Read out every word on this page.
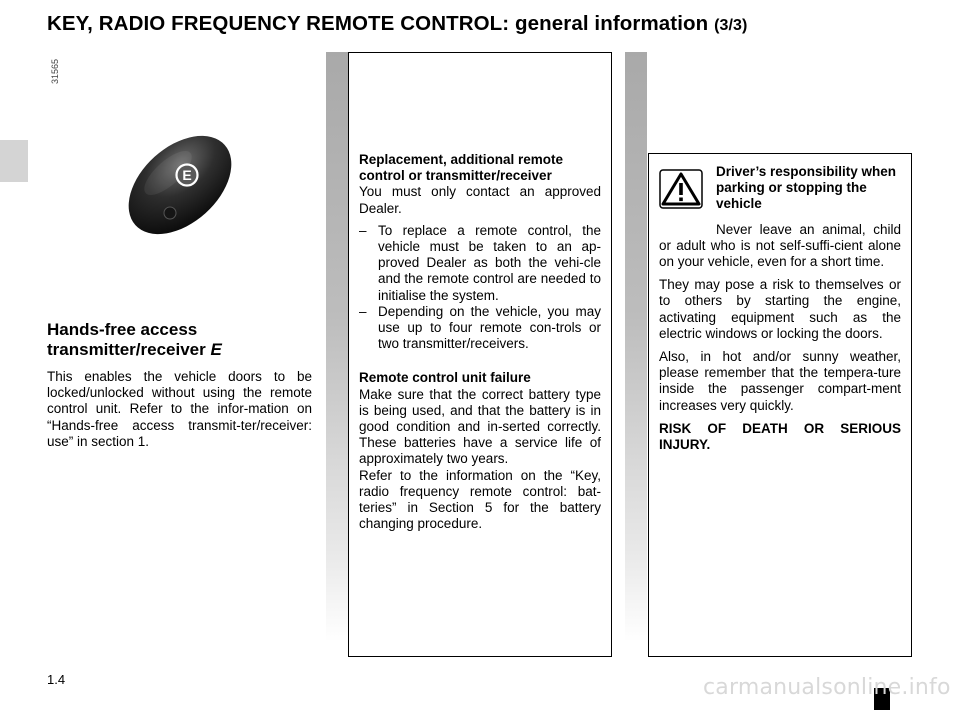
KEY, RADIO FREQUENCY REMOTE CONTROL: general information (3/3)
31565
E
Hands-free access transmitter/receiver E

This enables the vehicle doors to be locked/unlocked without using the remote control unit. Refer to the infor-mation on “Hands-free access transmit-ter/receiver: use” in section 1.

Replacement, additional remote control or transmitter/receiver

You must only contact an approved Dealer.

– To replace a remote control, the vehicle must be taken to an ap-proved Dealer as both the vehi-cle and the remote control are needed to initialise the system.
– Depending on the vehicle, you may use up to four remote con-trols or two transmitter/receivers.

Remote control unit failure

Make sure that the correct battery type is being used, and that the battery is in good condition and in-serted correctly. These batteries have a service life of approximately two years.

Refer to the information on the “Key, radio frequency remote control: bat-teries” in Section 5 for the battery changing procedure.

Driver’s responsibility when parking or stopping the vehicle

Never leave an animal, child or adult who is not self-suffi-cient alone on your vehicle, even for a short time.

They may pose a risk to themselves or to others by starting the engine, activating equipment such as the electric windows or locking the doors.

Also, in hot and/or sunny weather, please remember that the tempera-ture inside the passenger compart-ment increases very quickly.

RISK OF DEATH OR SERIOUS INJURY.

1.4	carmanualsonline.info
